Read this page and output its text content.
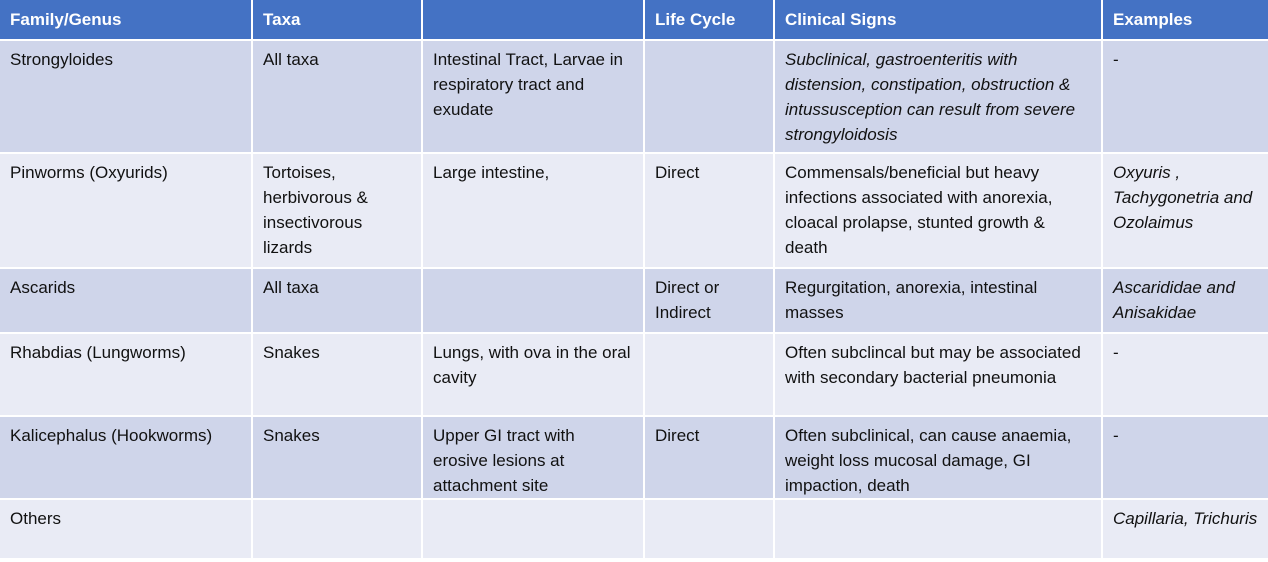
Family/Genus	Taxa		Life Cycle	Clinical Signs	Examples
Strongyloides	All taxa	Intestinal Tract, Larvae in respiratory tract and exudate		Subclinical, gastroenteritis with distension, constipation, obstruction & intussusception can result from severe strongyloidosis	-
Pinworms (Oxyurids)	Tortoises, herbivorous & insectivorous lizards	Large intestine,	Direct	Commensals/beneficial but heavy infections associated with anorexia, cloacal prolapse, stunted growth & death	Oxyuris , Tachygonetria and Ozolaimus
Ascarids	All taxa		Direct or Indirect	Regurgitation, anorexia, intestinal masses	Ascarididae and Anisakidae
Rhabdias (Lungworms)	Snakes	Lungs, with ova in the oral cavity		Often subclincal but may be associated with secondary bacterial pneumonia	-
Kalicephalus (Hookworms)	Snakes	Upper GI tract with erosive lesions at attachment site	Direct	Often subclinical, can cause anaemia, weight loss mucosal damage, GI impaction, death	-
Others					Capillaria, Trichuris
